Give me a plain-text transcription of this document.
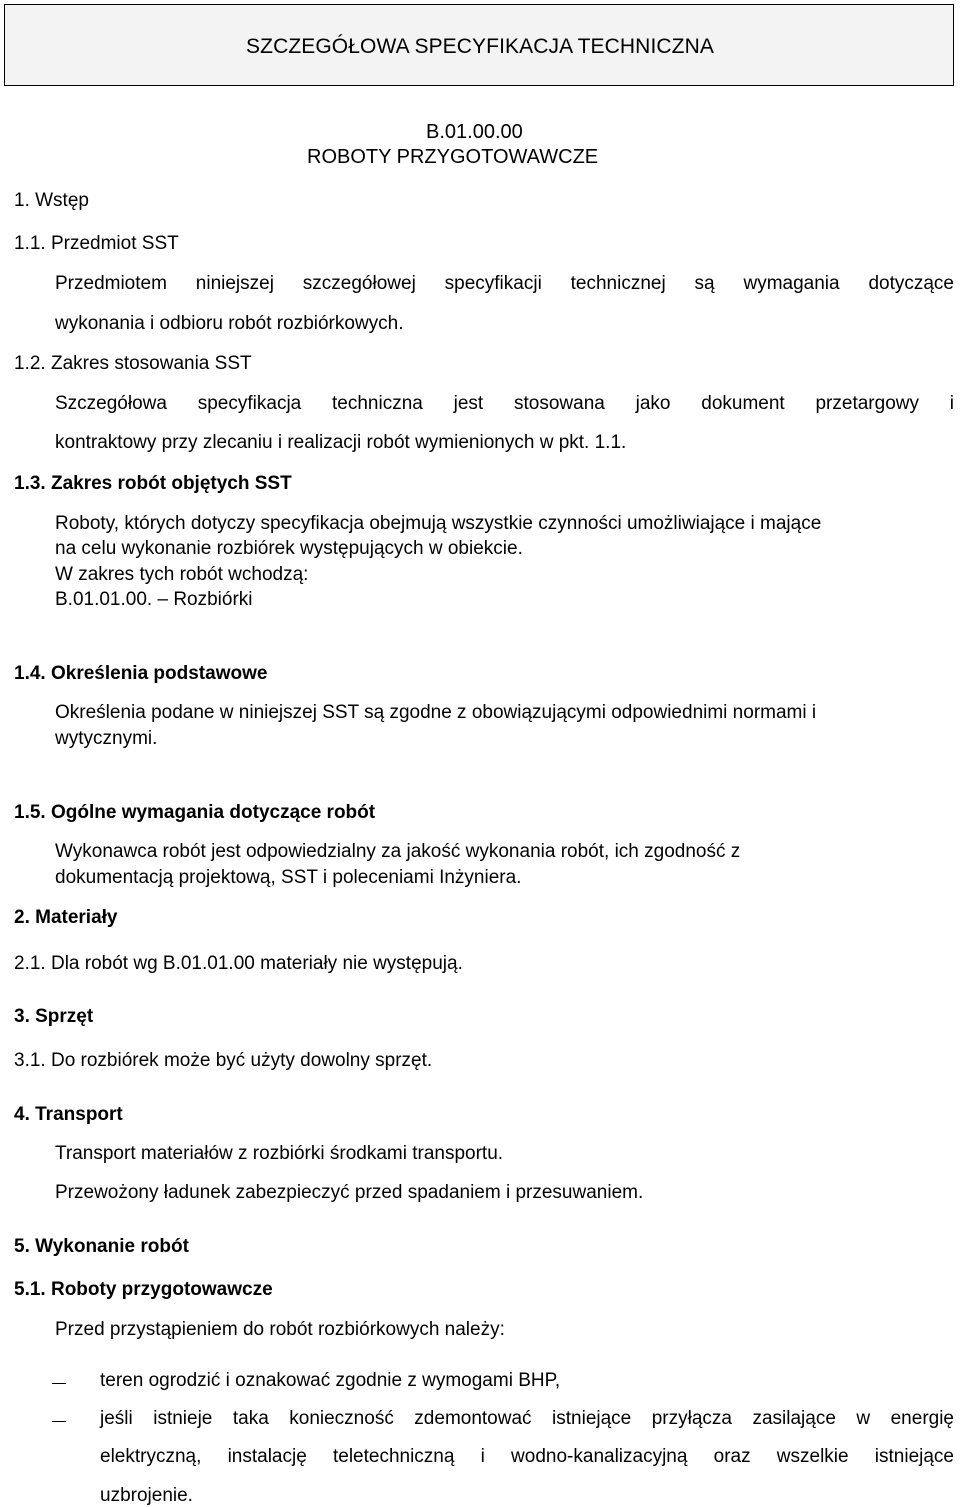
SZCZEGÓŁOWA SPECYFIKACJA TECHNICZNA
B.01.00.00
ROBOTY PRZYGOTOWAWCZE
1. Wstęp
1.1. Przedmiot SST
Przedmiotem niniejszej szczegółowej specyfikacji technicznej są wymagania dotyczące
wykonania i odbioru robót rozbiórkowych.
1.2. Zakres stosowania SST
Szczegółowa specyfikacja techniczna jest stosowana jako dokument przetargowy i
kontraktowy przy zlecaniu i realizacji robót wymienionych w pkt. 1.1.
1.3. Zakres robót objętych SST
Roboty, których dotyczy specyfikacja obejmują wszystkie czynności umożliwiające i mające
na celu wykonanie rozbiórek występujących w obiekcie.
W zakres tych robót wchodzą:
B.01.01.00. – Rozbiórki
1.4. Określenia podstawowe
Określenia podane w niniejszej SST są zgodne z obowiązującymi odpowiednimi normami i
wytycznymi.
1.5. Ogólne wymagania dotyczące robót
Wykonawca robót jest odpowiedzialny za jakość wykonania robót, ich zgodność z
dokumentacją projektową, SST i poleceniami Inżyniera.
2. Materiały
2.1. Dla robót wg B.01.01.00 materiały nie występują.
3. Sprzęt
3.1. Do rozbiórek może być użyty dowolny sprzęt.
4. Transport
Transport materiałów z rozbiórki środkami transportu.
Przewożony ładunek zabezpieczyć przed spadaniem i przesuwaniem.
5. Wykonanie robót
5.1. Roboty przygotowawcze
Przed przystąpieniem do robót rozbiórkowych należy:
teren ogrodzić i oznakować zgodnie z wymogami BHP,
jeśli istnieje taka konieczność zdemontować istniejące przyłącza zasilające w energię
elektryczną, instalację teletechniczną i wodno-kanalizacyjną oraz wszelkie istniejące
uzbrojenie.
